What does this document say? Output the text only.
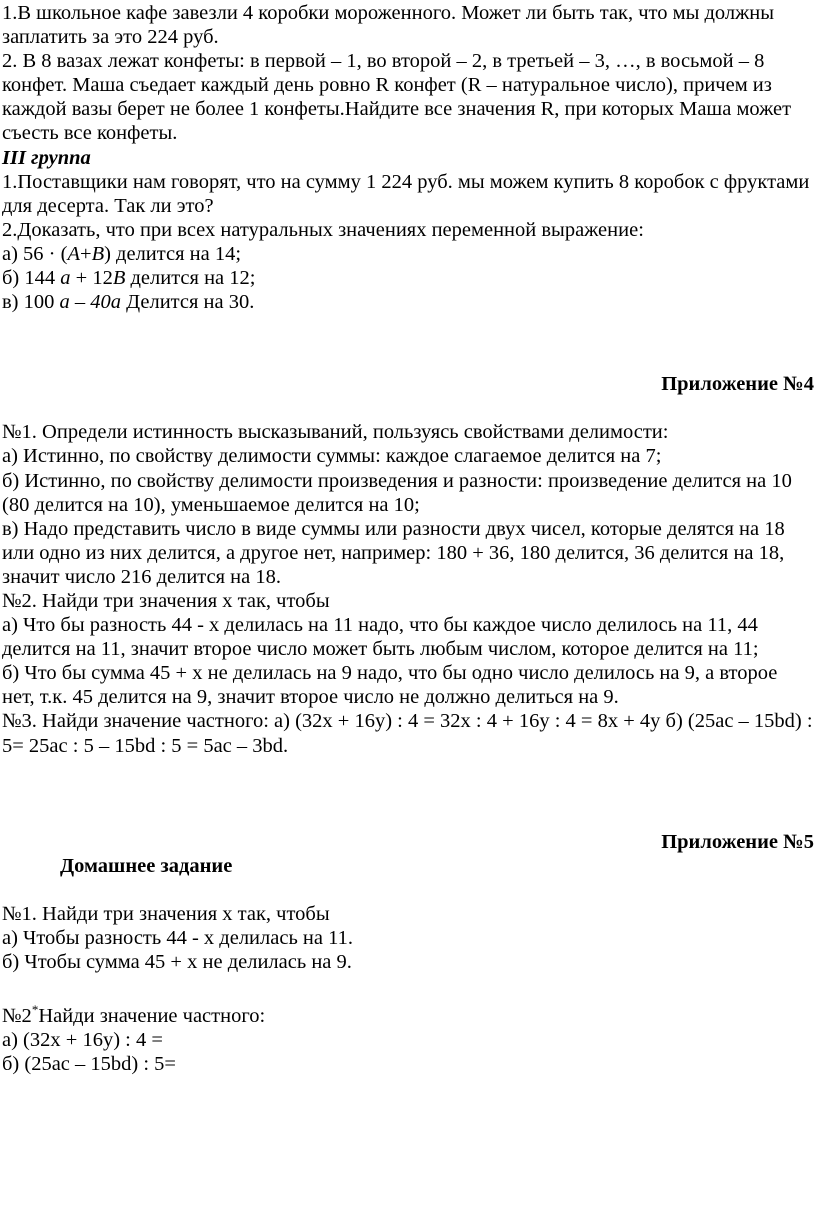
1.В школьное кафе завезли 4 коробки мороженного. Может ли быть так, что мы должны заплатить за это 224 руб.

2. В 8 вазах лежат конфеты: в первой – 1, во второй – 2, в третьей – 3, …, в восьмой – 8 конфет. Маша съедает каждый день ровно R конфет (R – натуральное число), причем из каждой вазы берет не более 1 конфеты.Найдите все значения R, при которых Маша может съесть все конфеты.

III группа

1.Поставщики нам говорят, что на сумму 1 224 руб. мы можем купить 8 коробок с фруктами для десерта. Так ли это?

2.Доказать, что при всех натуральных значениях переменной выражение:

а) 56 · (А+В) делится на 14;

б) 144 а + 12В делится на 12;

в) 100 а – 40а Делится на 30.

Приложение №4

№1. Определи истинность высказываний, пользуясь свойствами делимости:

а) Истинно, по свойству делимости суммы: каждое слагаемое делится на 7;

б) Истинно, по свойству делимости произведения и разности: произведение делится на 10 (80 делится на 10), уменьшаемое делится на 10;

в) Надо представить число в виде суммы или разности двух чисел, которые делятся на 18 или одно из них делится, а другое нет, например: 180 + 36, 180 делится, 36 делится на 18, значит число 216 делится на 18.

№2. Найди три значения х так, чтобы

а) Что бы разность 44 - х делилась на 11 надо, что бы каждое число делилось на 11, 44 делится на 11, значит второе число может быть любым числом, которое делится на 11;

б) Что бы сумма 45 + х не делилась на 9 надо, что бы одно число делилось на 9, а второе нет, т.к. 45 делится на 9, значит второе число не должно делиться на 9.

№3. Найди значение частного: а) (32х + 16у) : 4 = 32х : 4 + 16у : 4 = 8х + 4у б) (25ас – 15bd) : 5= 25ас : 5 – 15bd : 5 = 5ас – 3bd.

Приложение №5

Домашнее задание

№1. Найди три значения х так, чтобы

а) Чтобы разность 44 - х делилась на 11.

б) Чтобы сумма 45 + х не делилась на 9.

№2*Найди значение частного:

а) (32х + 16у) : 4 =

б) (25ас – 15bd) : 5=
